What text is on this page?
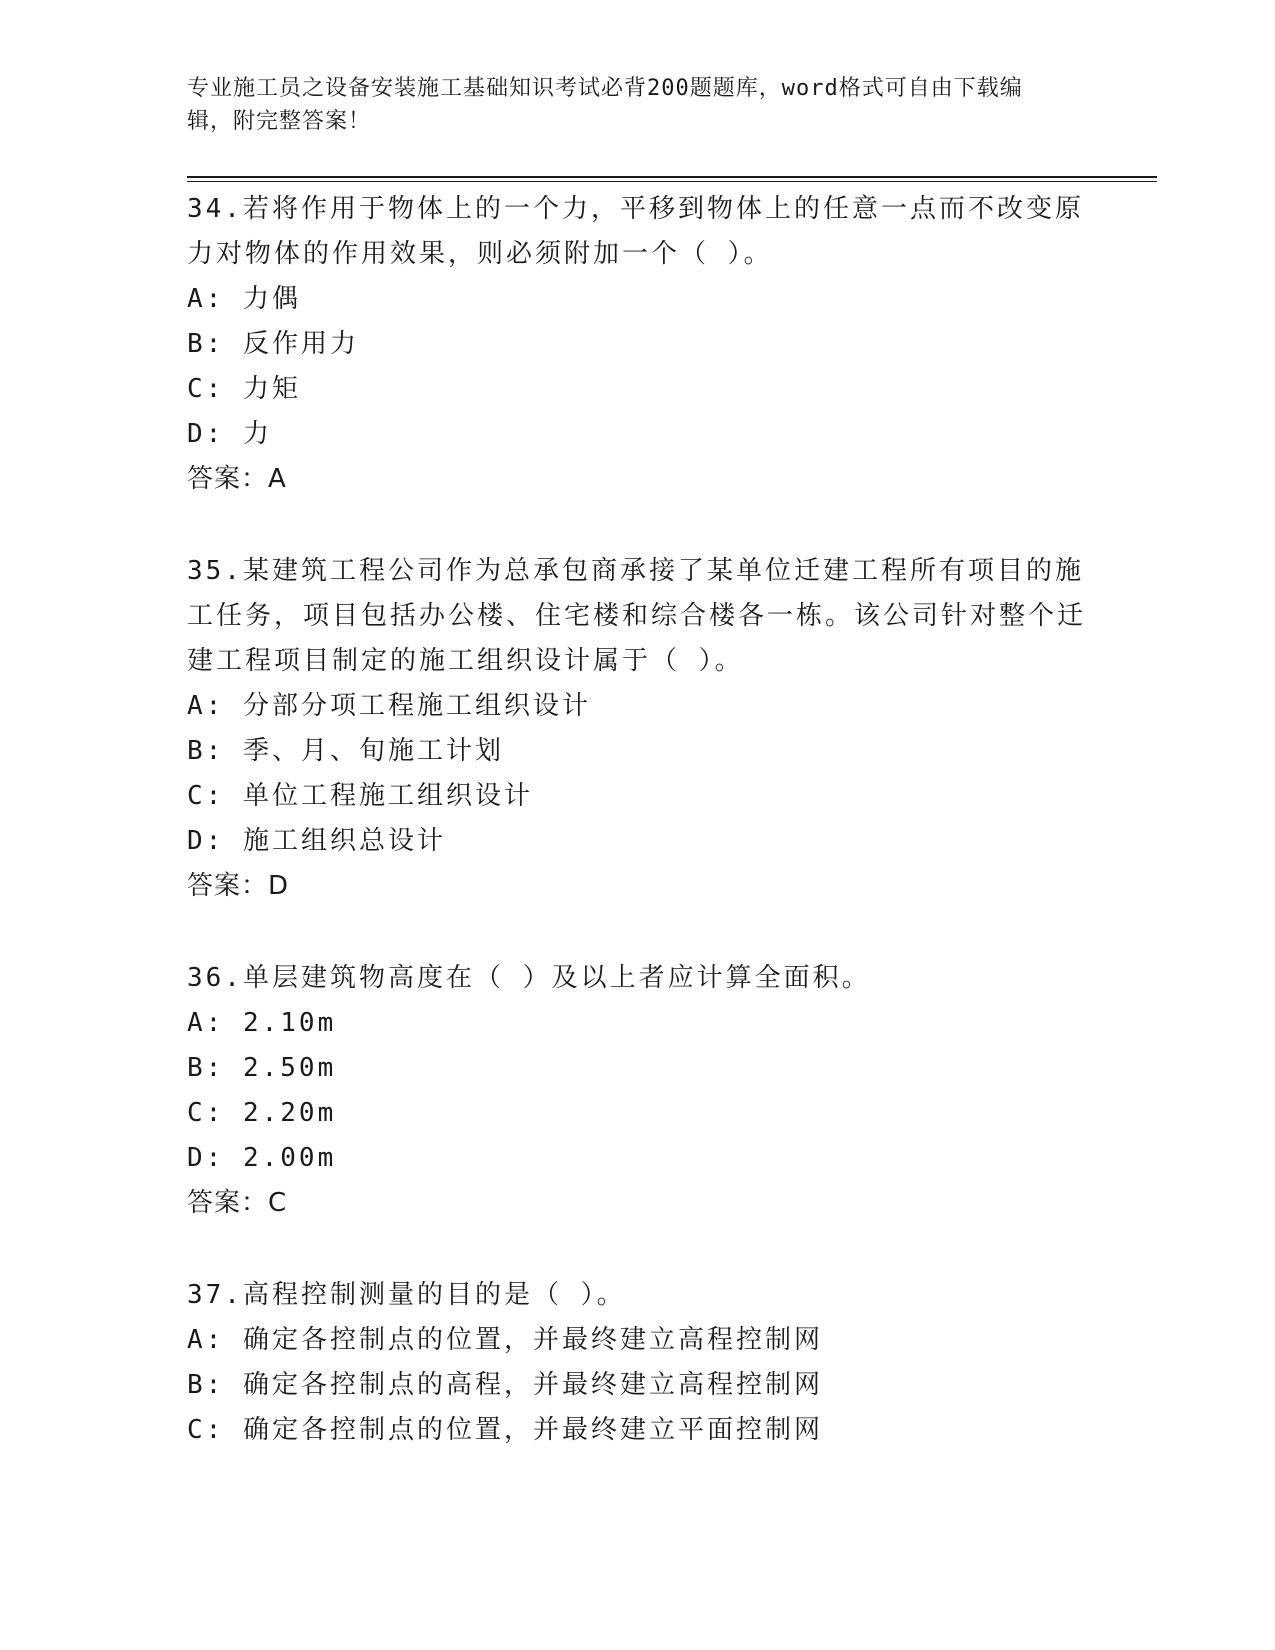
专业施工员之设备安装施工基础知识考试必背200题题库，word格式可自由下载编辑，附完整答案！

34.若将作用于物体上的一个力，平移到物体上的任意一点而不改变原力对物体的作用效果，则必须附加一个（ ）。

A: 力偶

B: 反作用力

C: 力矩

D: 力

答案：A

35.某建筑工程公司作为总承包商承接了某单位迁建工程所有项目的施工任务，项目包括办公楼、住宅楼和综合楼各一栋。该公司针对整个迁建工程项目制定的施工组织设计属于（ ）。

A: 分部分项工程施工组织设计

B: 季、月、旬施工计划

C: 单位工程施工组织设计

D: 施工组织总设计

答案：D

36.单层建筑物高度在（ ）及以上者应计算全面积。

A: 2.10m

B: 2.50m

C: 2.20m

D: 2.00m

答案：C

37.高程控制测量的目的是（ ）。

A: 确定各控制点的位置，并最终建立高程控制网

B: 确定各控制点的高程，并最终建立高程控制网

C: 确定各控制点的位置，并最终建立平面控制网
